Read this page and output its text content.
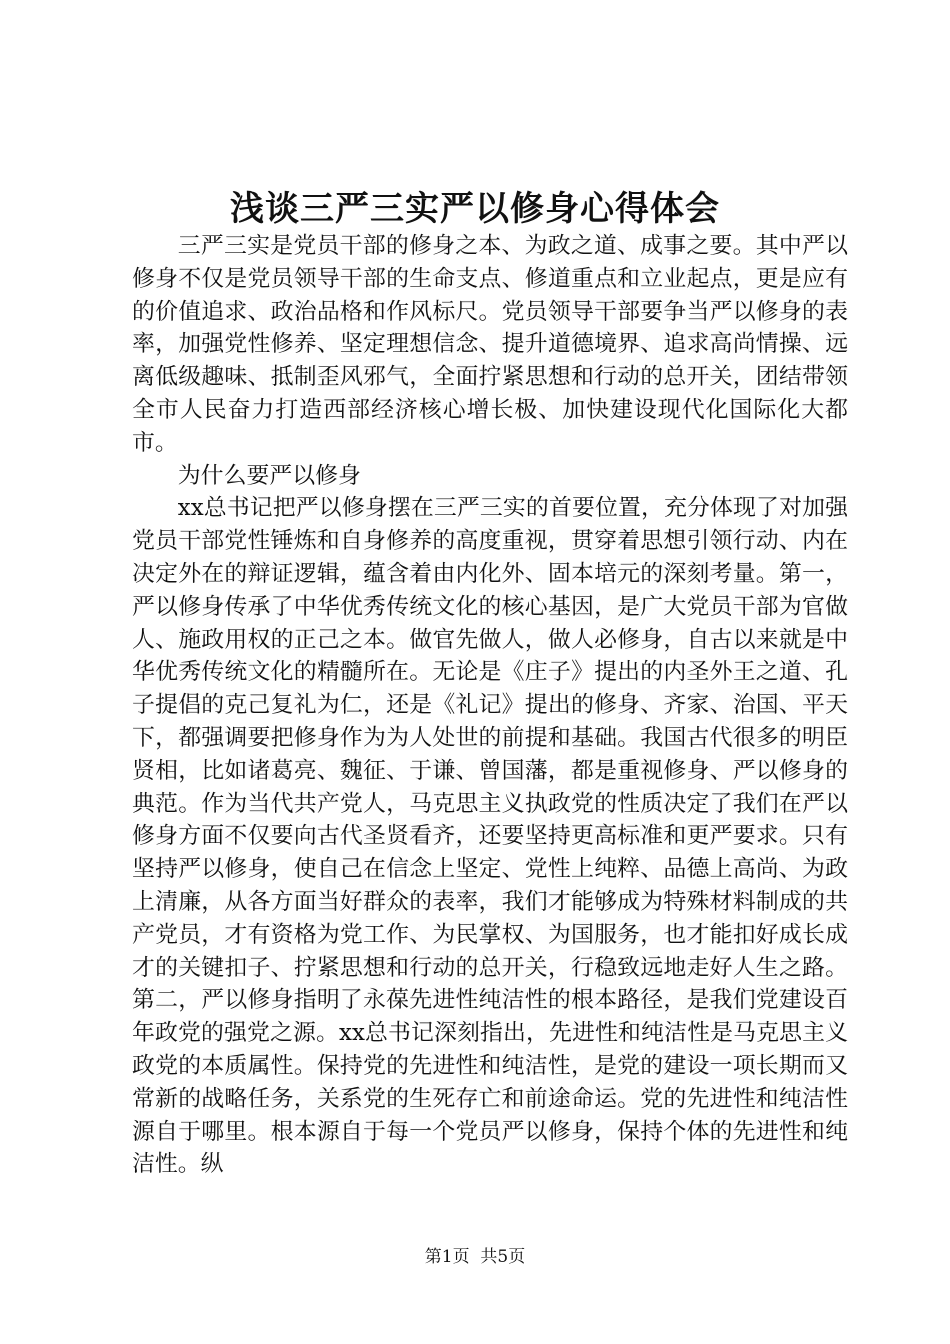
浅谈三严三实严以修身心得体会

三严三实是党员干部的修身之本、为政之道、成事之要。其中严以修身不仅是党员领导干部的生命支点、修道重点和立业起点，更是应有的价值追求、政治品格和作风标尺。党员领导干部要争当严以修身的表率，加强党性修养、坚定理想信念、提升道德境界、追求高尚情操、远离低级趣味、抵制歪风邪气，全面拧紧思想和行动的总开关，团结带领全市人民奋力打造西部经济核心增长极、加快建设现代化国际化大都市。

为什么要严以修身

xx总书记把严以修身摆在三严三实的首要位置，充分体现了对加强党员干部党性锤炼和自身修养的高度重视，贯穿着思想引领行动、内在决定外在的辩证逻辑，蕴含着由内化外、固本培元的深刻考量。第一，严以修身传承了中华优秀传统文化的核心基因，是广大党员干部为官做人、施政用权的正己之本。做官先做人，做人必修身，自古以来就是中华优秀传统文化的精髓所在。无论是《庄子》提出的内圣外王之道、孔子提倡的克己复礼为仁，还是《礼记》提出的修身、齐家、治国、平天下，都强调要把修身作为为人处世的前提和基础。我国古代很多的明臣贤相，比如诸葛亮、魏征、于谦、曾国藩，都是重视修身、严以修身的典范。作为当代共产党人，马克思主义执政党的性质决定了我们在严以修身方面不仅要向古代圣贤看齐，还要坚持更高标准和更严要求。只有坚持严以修身，使自己在信念上坚定、党性上纯粹、品德上高尚、为政上清廉，从各方面当好群众的表率，我们才能够成为特殊材料制成的共产党员，才有资格为党工作、为民掌权、为国服务，也才能扣好成长成才的关键扣子、拧紧思想和行动的总开关，行稳致远地走好人生之路。第二，严以修身指明了永葆先进性纯洁性的根本路径，是我们党建设百年政党的强党之源。xx总书记深刻指出，先进性和纯洁性是马克思主义政党的本质属性。保持党的先进性和纯洁性，是党的建设一项长期而又常新的战略任务，关系党的生死存亡和前途命运。党的先进性和纯洁性源自于哪里。根本源自于每一个党员严以修身，保持个体的先进性和纯洁性。纵

第1页  共5页
